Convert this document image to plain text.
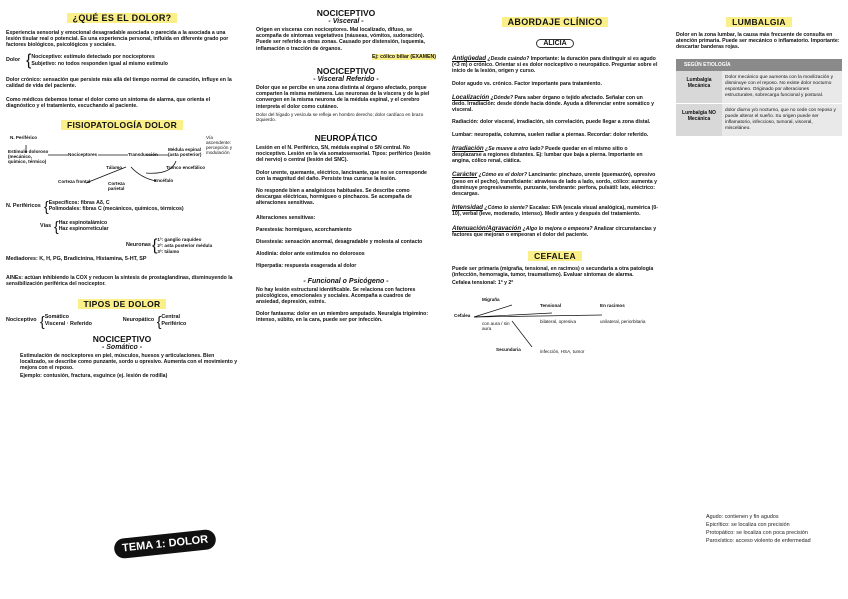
¿QUÉ ES EL DOLOR?
Experiencia sensorial y emocional desagradable asociada o parecida a la asociada a una lesión tisular real o potencial. Es una experiencia personal, influida en diferente grado por factores biológicos, psicológicos y sociales.
Dolor { Nociceptivo: estímulo detectado por nociceptores
Subjetivo: no todos responden igual al mismo estímulo
Dolor crónico: sensación que persiste más allá del tiempo normal de curación, influye en la calidad de vida del paciente.
Como médicos debemos tomar el dolor como un síntoma de alarma, que orienta el diagnóstico y el tratamiento, escuchando al paciente.
FISIOPATOLOGÍA DOLOR
N. Periférico
Estímulo doloroso (mecánico, químico, térmico)
Nociceptores	Transducción
Médula espinal (asta posterior)
Vía ascendente: percepción y modulación
Tálamo	Tronco encefálico
Corteza frontal	Corteza parietal
Encéfalo
N. Periféricos { Específicos: fibras Aδ, C
Polimodales: fibras C (mecánicos, químicos, térmicos)
Vías { Haz espinotalámico
Haz espinorreticular
Neuronas { 1ª: ganglio raquídeo
2ª: asta posterior médula
3ª: tálamo
Mediadores: K, H, PG, Bradicinina, Histamina, 5-HT, SP
AINEs: actúan inhibiendo la COX y reducen la síntesis de prostaglandinas, disminuyendo la sensibilización periférica del nociceptor.
TIPOS DE DOLOR
Nociceptivo { Somático
Visceral · Referido
Neuropático { Central
Periférico
NOCICEPTIVO
- Somático -
Estimulación de nociceptores en piel, músculos, huesos y articulaciones. Bien localizado, se describe como punzante, sordo u opresivo. Aumenta con el movimiento y mejora con el reposo.
Ejemplo: contusión, fractura, esguince (ej. lesión de rodilla)
TEMA 1: DOLOR
NOCICEPTIVO
- Visceral -
Origen en vísceras con nociceptores. Mal localizado, difuso, se acompaña de síntomas vegetativos (náuseas, vómitos, sudoración). Puede ser referido a otras zonas. Causado por distensión, isquemia, inflamación o tracción de órganos.
Ej: cólico biliar (EXAMEN)
NOCICEPTIVO
- Visceral Referido -
Dolor que se percibe en una zona distinta al órgano afectado, porque comparten la misma metámera. Las neuronas de la víscera y de la piel convergen en la misma neurona de la médula espinal, y el cerebro interpreta el dolor como cutáneo.
Dolor del hígado y vesícula se refleja en hombro derecho; dolor cardíaco en brazo izquierdo.
NEUROPÁTICO
Lesión en el N. Periférico, SN, médula espinal o SN central. No nociceptivo. Lesión en la vía somatosensorial. Tipos: periférico (lesión del nervio) o central (lesión del SNC).
Dolor urente, quemante, eléctrico, lancinante, que no se corresponde con la magnitud del daño. Persiste tras curarse la lesión.
No responde bien a analgésicos habituales. Se describe como descargas eléctricas, hormigueo o pinchazos. Se acompaña de alteraciones sensitivas.
Alteraciones sensitivas:
Parestesia: hormigueo, acorchamiento
Disestesia: sensación anormal, desagradable y molesta al contacto
Alodinia: dolor ante estímulos no dolorosos
Hiperpatia: respuesta exagerada al dolor
- Funcional o Psicógeno -
No hay lesión estructural identificable. Se relaciona con factores psicológicos, emocionales y sociales. Acompaña a cuadros de ansiedad, depresión, estrés.
Dolor fantasma: dolor en un miembro amputado. Neuralgia trigémino: intenso, súbito, en la cara, puede ser por infección.
ABORDAJE CLÍNICO
ALICIA
Antigüedad ¿Desde cuándo? Importante: la duración para distinguir si es agudo (<3 m) o crónico. Orientar si es dolor nociceptivo o neuropático. Preguntar sobre el inicio de la lesión, origen y curso.
Dolor agudo vs. crónico. Factor importante para tratamiento.
Localización ¿Dónde? Para saber órgano o tejido afectado. Señalar con un dedo. Irradiación: desde dónde hacia dónde. Ayuda a diferenciar entre somático y visceral.
Radiación: dolor visceral, irradiación, sin correlación, puede llegar a zona distal.
Lumbar: neuropatía, columna, suelen radiar a piernas. Recordar: dolor referido.
Irradiación ¿Se mueve a otro lado? Puede quedar en el mismo sitio o desplazarse a regiones distantes. Ej: lumbar que baja a pierna. Importante en angina, cólico renal, ciática.
Carácter ¿Cómo es el dolor? Lancinante: pinchazo, urente (quemazón), opresivo (peso en el pecho), transfixiante: atraviesa de lado a lado, sordo, cólico: aumenta y disminuye progresivamente, punzante, terebrante: perfora, pulsátil: late, eléctrico: descargas.
Intensidad ¿Cómo lo siente? Escalas: EVA (escala visual analógica), numérica (0-10), verbal (leve, moderado, intenso). Medir antes y después del tratamiento.
Atenuación/Agravación ¿Algo lo mejora o empeora? Analizar circunstancias y factores que mejoran o empeoran el dolor del paciente.
CEFALEA
Puede ser primaria (migraña, tensional, en racimos) o secundaria a otra patología (infección, hemorragia, tumor, traumatismo). Evaluar síntomas de alarma.
Cefalea tensional: 1ª y 2ª
Cefalea
Migraña
con aura / sin aura
Tensional
bilateral, opresiva
En racimos
unilateral, periorbitaria
Secundaria	infección, HSA, tumor
LUMBALGIA
Dolor en la zona lumbar, la causa más frecuente de consulta en atención primaria. Puede ser mecánico o inflamatorio. Importante: descartar banderas rojas.
SEGÚN ETIOLOGÍA
Lumbalgia Mecánica
Dolor mecánico que aumenta con la movilización y disminuye con el reposo. No existe dolor nocturno espontáneo. Originado por alteraciones estructurales, sobrecarga funcional y postural.
Lumbalgia NO Mecánica
dolor diurno y/o nocturno, que no cede con reposo y puede alterar el sueño. Su origen puede ser inflamatorio, infeccioso, tumoral, visceral, misceláneo.
Agudo: contienen y fin agudos
Epicrítico: se localiza con precisión
Protopático: se localiza con poca precisión
Paroxístico: acceso violento de enfermedad
